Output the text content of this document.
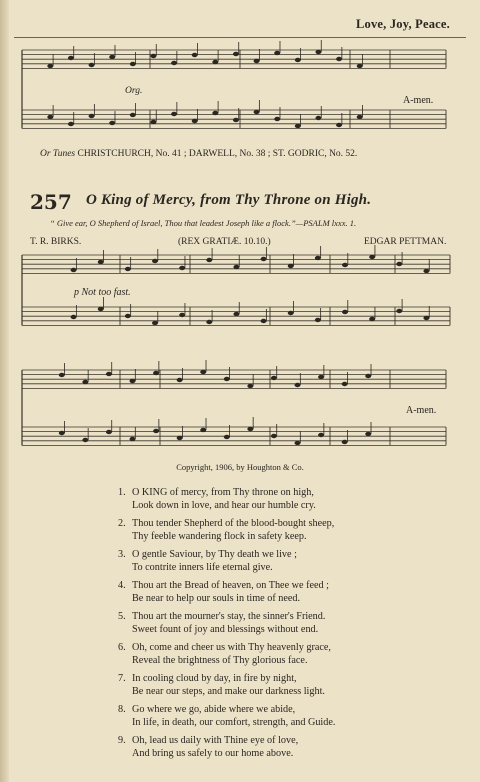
Love, Joy, Peace.
Org.
A-men.
Or Tunes CHRISTCHURCH, No. 41 ; DARWELL, No. 38 ; ST. GODRIC, No. 52.
257 O King of Mercy, from Thy Throne on High.
“ Give ear, O Shepherd of Israel, Thou that leadest Joseph like a flock.”—PSALM lxxx. 1.
T. R. BIRKS.	(REX GRATIÆ. 10.10.)	EDGAR PETTMAN.
p Not too fast.
A-men.
Copyright, 1906, by Houghton & Co.
1. O KING of mercy, from Thy throne on high,
Look down in love, and hear our humble cry.
2. Thou tender Shepherd of the blood-bought sheep,
Thy feeble wandering flock in safety keep.
3. O gentle Saviour, by Thy death we live ;
To contrite inners life eternal give.
4. Thou art the Bread of heaven, on Thee we feed ;
Be near to help our souls in time of need.
5. Thou art the mourner's stay, the sinner's Friend.
Sweet fount of joy and blessings without end.
6. Oh, come and cheer us with Thy heavenly grace,
Reveal the brightness of Thy glorious face.
7. In cooling cloud by day, in fire by night,
Be near our steps, and make our darkness light.
8. Go where we go, abide where we abide,
In life, in death, our comfort, strength, and Guide.
9. Oh, lead us daily with Thine eye of love,
And bring us safely to our home above.
